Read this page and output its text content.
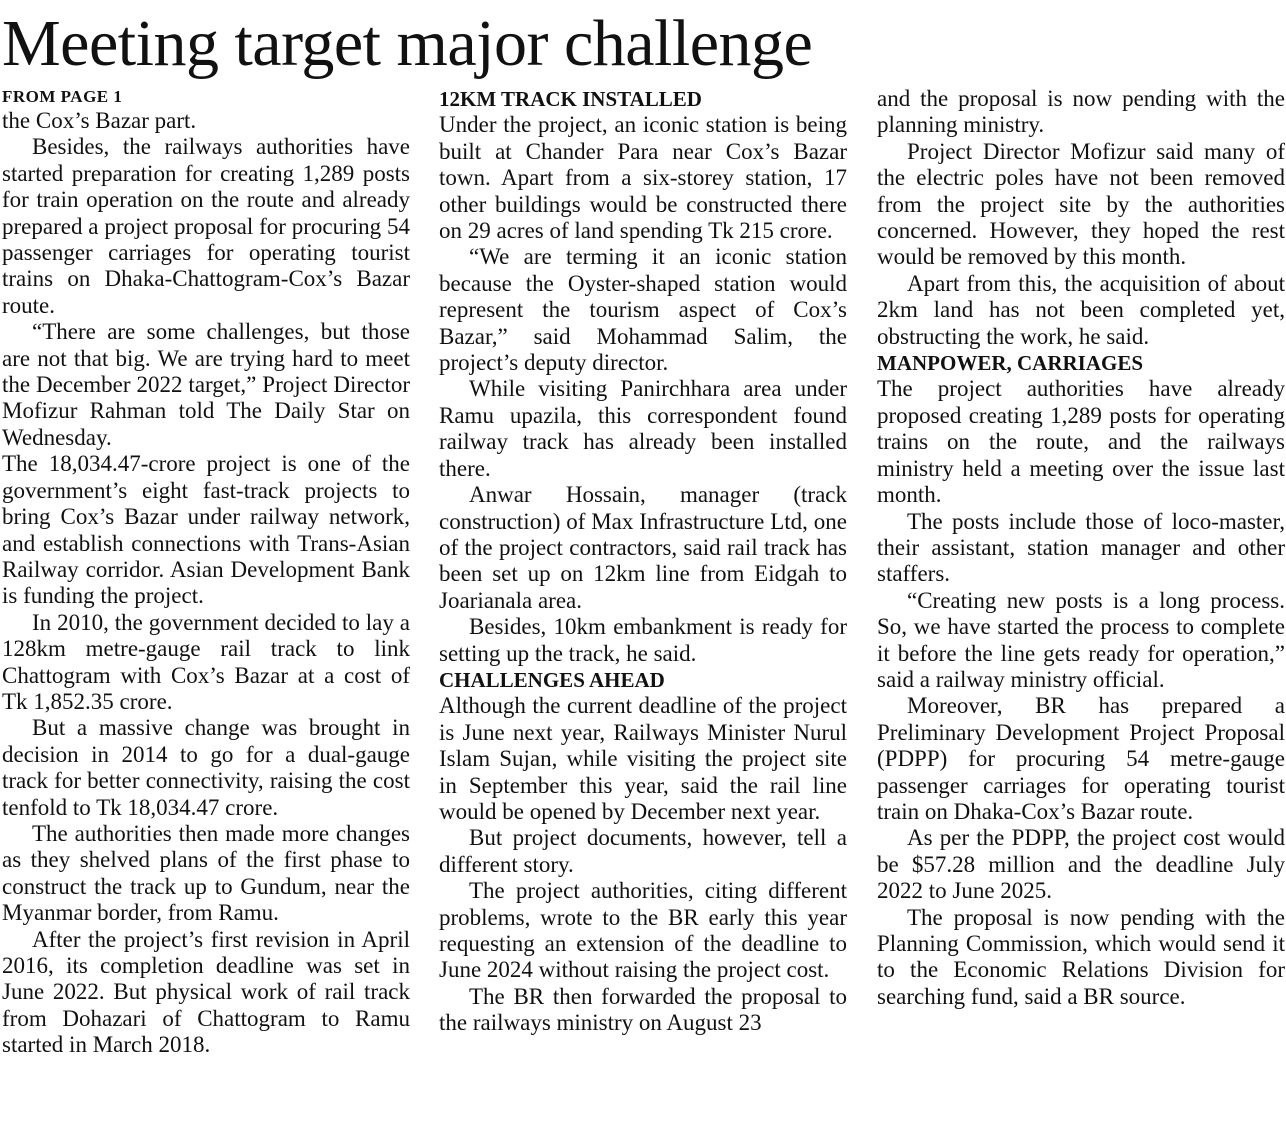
Meeting target major challenge
FROM PAGE 1

the Cox’s Bazar part.

Besides, the railways authorities have started preparation for creating 1,289 posts for train operation on the route and already prepared a project proposal for procuring 54 passenger carriages for operating tourist trains on Dhaka-Chattogram-Cox’s Bazar route.

“There are some challenges, but those are not that big. We are trying hard to meet the December 2022 target,” Project Director Mofizur Rahman told The Daily Star on Wednesday.

The 18,034.47-crore project is one of the government’s eight fast-track projects to bring Cox’s Bazar under railway network, and establish connections with Trans-Asian Railway corridor. Asian Development Bank is funding the project.

In 2010, the government decided to lay a 128km metre-gauge rail track to link Chattogram with Cox’s Bazar at a cost of Tk 1,852.35 crore.

But a massive change was brought in decision in 2014 to go for a dual-gauge track for better connectivity, raising the cost tenfold to Tk 18,034.47 crore.

The authorities then made more changes as they shelved plans of the first phase to construct the track up to Gundum, near the Myanmar border, from Ramu.

After the project’s first revision in April 2016, its completion deadline was set in June 2022. But physical work of rail track from Dohazari of Chattogram to Ramu started in March 2018.

12KM TRACK INSTALLED

Under the project, an iconic station is being built at Chander Para near Cox’s Bazar town. Apart from a six-storey station, 17 other buildings would be constructed there on 29 acres of land spending Tk 215 crore.

“We are terming it an iconic station because the Oyster-shaped station would represent the tourism aspect of Cox’s Bazar,” said Mohammad Salim, the project’s deputy director.

While visiting Panirchhara area under Ramu upazila, this correspondent found railway track has already been installed there.

Anwar Hossain, manager (track construction) of Max Infrastructure Ltd, one of the project contractors, said rail track has been set up on 12km line from Eidgah to Joarianala area.

Besides, 10km embankment is ready for setting up the track, he said.

CHALLENGES AHEAD

Although the current deadline of the project is June next year, Railways Minister Nurul Islam Sujan, while visiting the project site in September this year, said the rail line would be opened by December next year.

But project documents, however, tell a different story.

The project authorities, citing different problems, wrote to the BR early this year requesting an extension of the deadline to June 2024 without raising the project cost.

The BR then forwarded the proposal to the railways ministry on August 23

and the proposal is now pending with the planning ministry.

Project Director Mofizur said many of the electric poles have not been removed from the project site by the authorities concerned. However, they hoped the rest would be removed by this month.

Apart from this, the acquisition of about 2km land has not been completed yet, obstructing the work, he said.

MANPOWER, CARRIAGES

The project authorities have already proposed creating 1,289 posts for operating trains on the route, and the railways ministry held a meeting over the issue last month.

The posts include those of loco-master, their assistant, station manager and other staffers.

“Creating new posts is a long process. So, we have started the process to complete it before the line gets ready for operation,” said a railway ministry official.

Moreover, BR has prepared a Preliminary Development Project Proposal (PDPP) for procuring 54 metre-gauge passenger carriages for operating tourist train on Dhaka-Cox’s Bazar route.

As per the PDPP, the project cost would be $57.28 million and the deadline July 2022 to June 2025.

The proposal is now pending with the Planning Commission, which would send it to the Economic Relations Division for searching fund, said a BR source.
